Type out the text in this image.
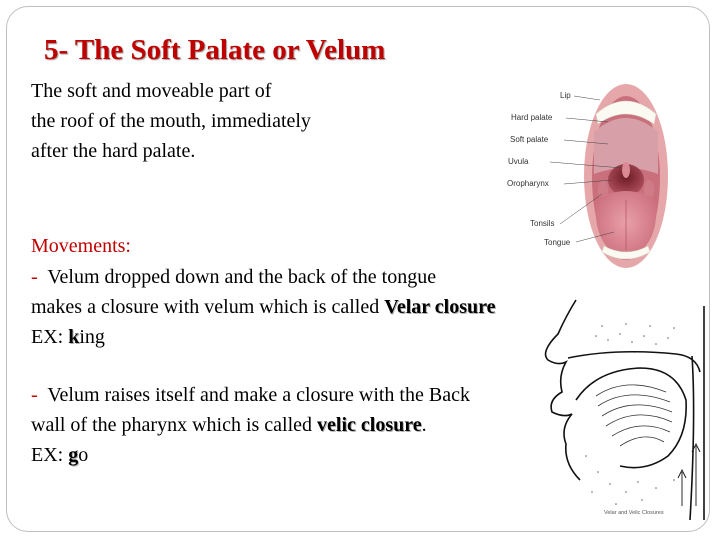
5- The Soft Palate or Velum
The soft and moveable part of
the roof of the mouth, immediately
after the hard palate.
Movements:
- Velum dropped down and the back of the tongue
makes a closure with velum which is called Velar closure
EX: king
- Velum raises itself and make a closure with the Back
wall of the pharynx which is called velic closure.
EX: go
Lip
Hard palate
Soft palate
Uvula
Oropharynx
Tonsils
Tongue
Velar and Velic Closures
